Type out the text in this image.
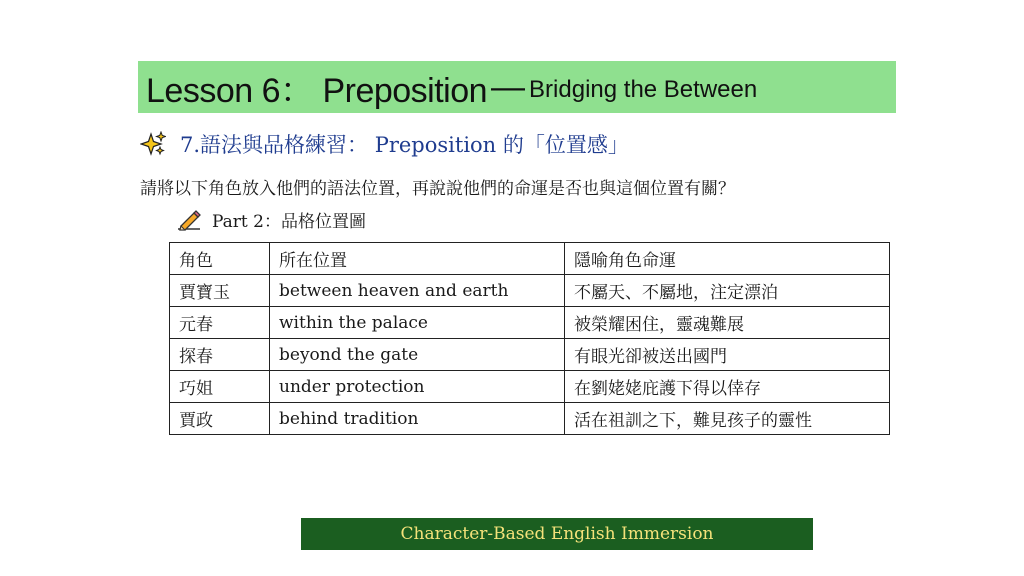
Lesson 6： Preposition — Bridging the Between
7.語法與品格練習： Preposition 的「位置感」
請將以下角色放入他們的語法位置，再說說他們的命運是否也與這個位置有關？
Part 2：品格位置圖
角色	所在位置	隱喻角色命運
賈寶玉	between heaven and earth	不屬天、不屬地，注定漂泊
元春	within the palace	被榮耀困住，靈魂難展
探春	beyond the gate	有眼光卻被送出國門
巧姐	under protection	在劉姥姥庇護下得以倖存
賈政	behind tradition	活在祖訓之下，難見孩子的靈性
Character-Based English Immersion
